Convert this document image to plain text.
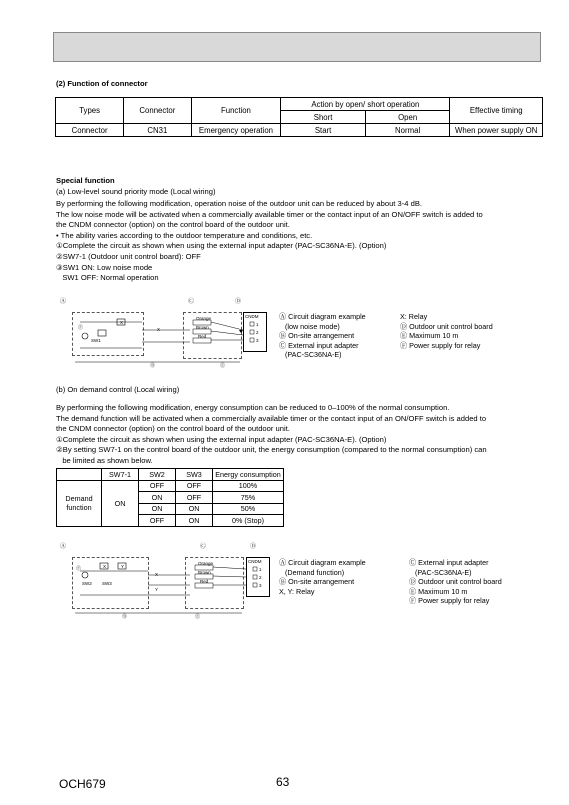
(2) Function of connector
Types	Connector	Function	Action by open/ short operation		Effective timing
			Short	Open	
Connector	CN31	Emergency operation	Start	Normal	When power supply ON
Special function
(a) Low-level sound priority mode (Local wiring)
By performing the following modification, operation noise of the outdoor unit can be reduced by about 3-4 dB.
The low noise mode will be activated when a commercially available timer or the contact input of an ON/OFF switch is added to
the CNDM connector (option) on the control board of the outdoor unit.
• The ability varies according to the outdoor temperature and conditions, etc.
①Complete the circuit as shown when using the external input adapter (PAC-SC36NA-E). (Option)
②SW7-1 (Outdoor unit control board): OFF
③SW1 ON: Low noise mode
SW1 OFF: Normal operation
Ⓐ	Ⓒ	Ⓓ
Orange
Brown
Red
CNDM
1
2
3
X
X
SW1
Ⓕ
Ⓑ	Ⓔ
Ⓐ Circuit diagram example
(low noise mode)
Ⓑ On-site arrangement
Ⓒ External input adapter
(PAC-SC36NA-E)
X: Relay
Ⓓ Outdoor unit control board
Ⓔ Maximum 10 m
Ⓕ Power supply for relay
(b) On demand control (Local wiring)
By performing the following modification, energy consumption can be reduced to 0–100% of the normal consumption.
The demand function will be activated when a commercially available timer or the contact input of an ON/OFF switch is added to
the CNDM connector (option) on the control board of the outdoor unit.
①Complete the circuit as shown when using the external input adapter (PAC-SC36NA-E). (Option)
②By setting SW7-1 on the control board of the outdoor unit, the energy consumption (compared to the normal consumption) can
be limited as shown below.
	SW7-1	SW2	SW3	Energy consumption
Demand function	ON	OFF	OFF	100%
		ON	OFF	75%
		ON	ON	50%
		OFF	ON	0% (Stop)
Ⓐ	Ⓒ	Ⓓ
Orange
Brown
Red
CNDM
1
2
3
X	Y
X
Y
SW2 SW3
Ⓕ
Ⓑ	Ⓔ
Ⓐ Circuit diagram example
(Demand function)
Ⓑ On-site arrangement
X, Y: Relay
Ⓒ External input adapter
(PAC-SC36NA-E)
Ⓓ Outdoor unit control board
Ⓔ Maximum 10 m
Ⓕ Power supply for relay
OCH679	63
